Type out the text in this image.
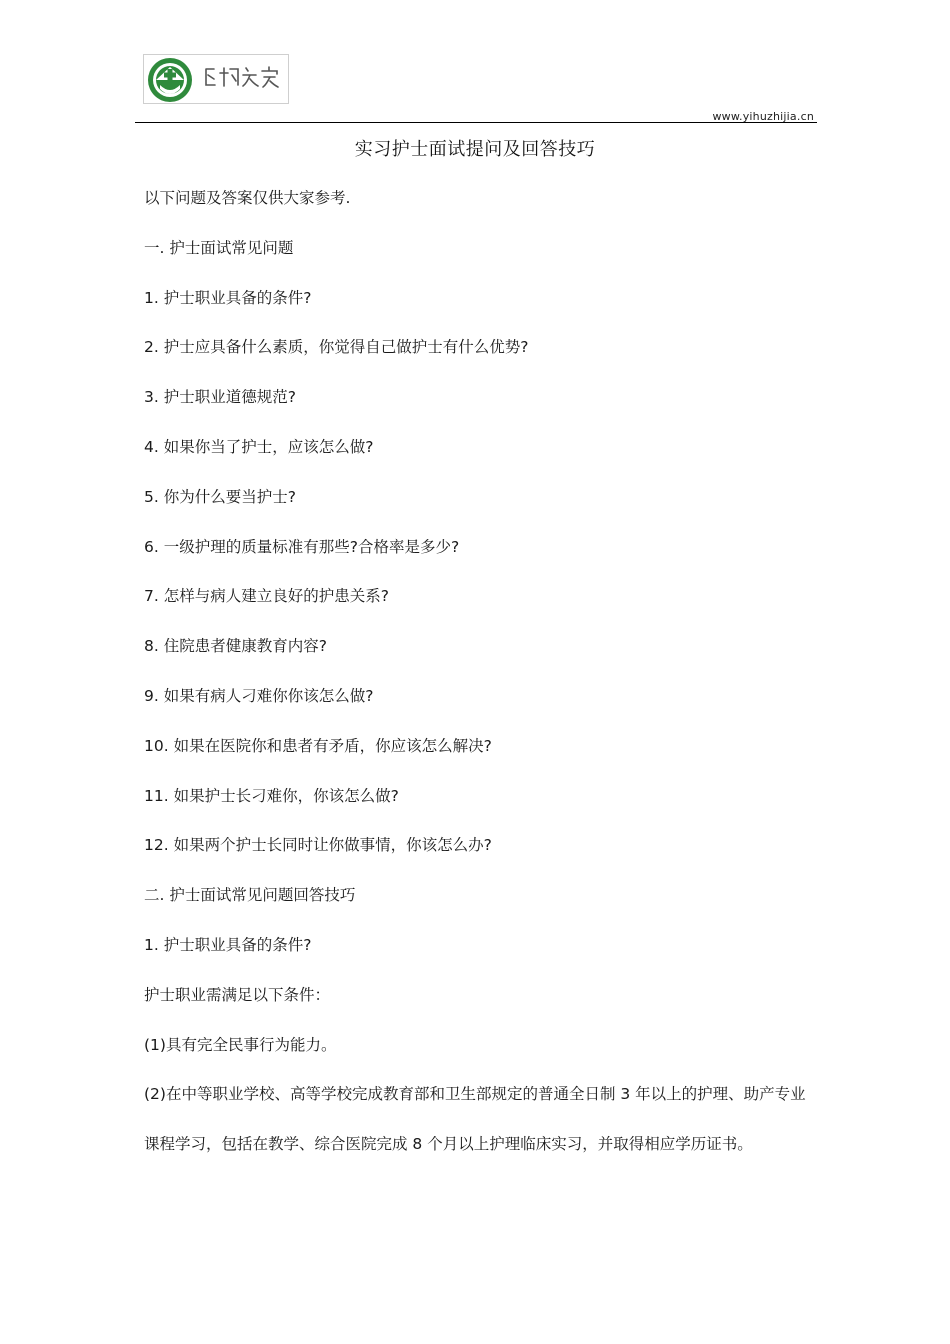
www.yihuzhijia.cn
实习护士面试提问及回答技巧
以下问题及答案仅供大家参考.
一. 护士面试常见问题
1. 护士职业具备的条件?
2. 护士应具备什么素质，你觉得自己做护士有什么优势?
3. 护士职业道德规范?
4. 如果你当了护士，应该怎么做?
5. 你为什么要当护士?
6. 一级护理的质量标准有那些?合格率是多少?
7. 怎样与病人建立良好的护患关系?
8. 住院患者健康教育内容?
9. 如果有病人刁难你你该怎么做?
10. 如果在医院你和患者有矛盾，你应该怎么解决?
11. 如果护士长刁难你，你该怎么做?
12. 如果两个护士长同时让你做事情，你该怎么办?
二. 护士面试常见问题回答技巧
1. 护士职业具备的条件?
护士职业需满足以下条件：
(1)具有完全民事行为能力。
(2)在中等职业学校、高等学校完成教育部和卫生部规定的普通全日制 3 年以上的护理、助产专业课程学习，包括在教学、综合医院完成 8 个月以上护理临床实习，并取得相应学历证书。
